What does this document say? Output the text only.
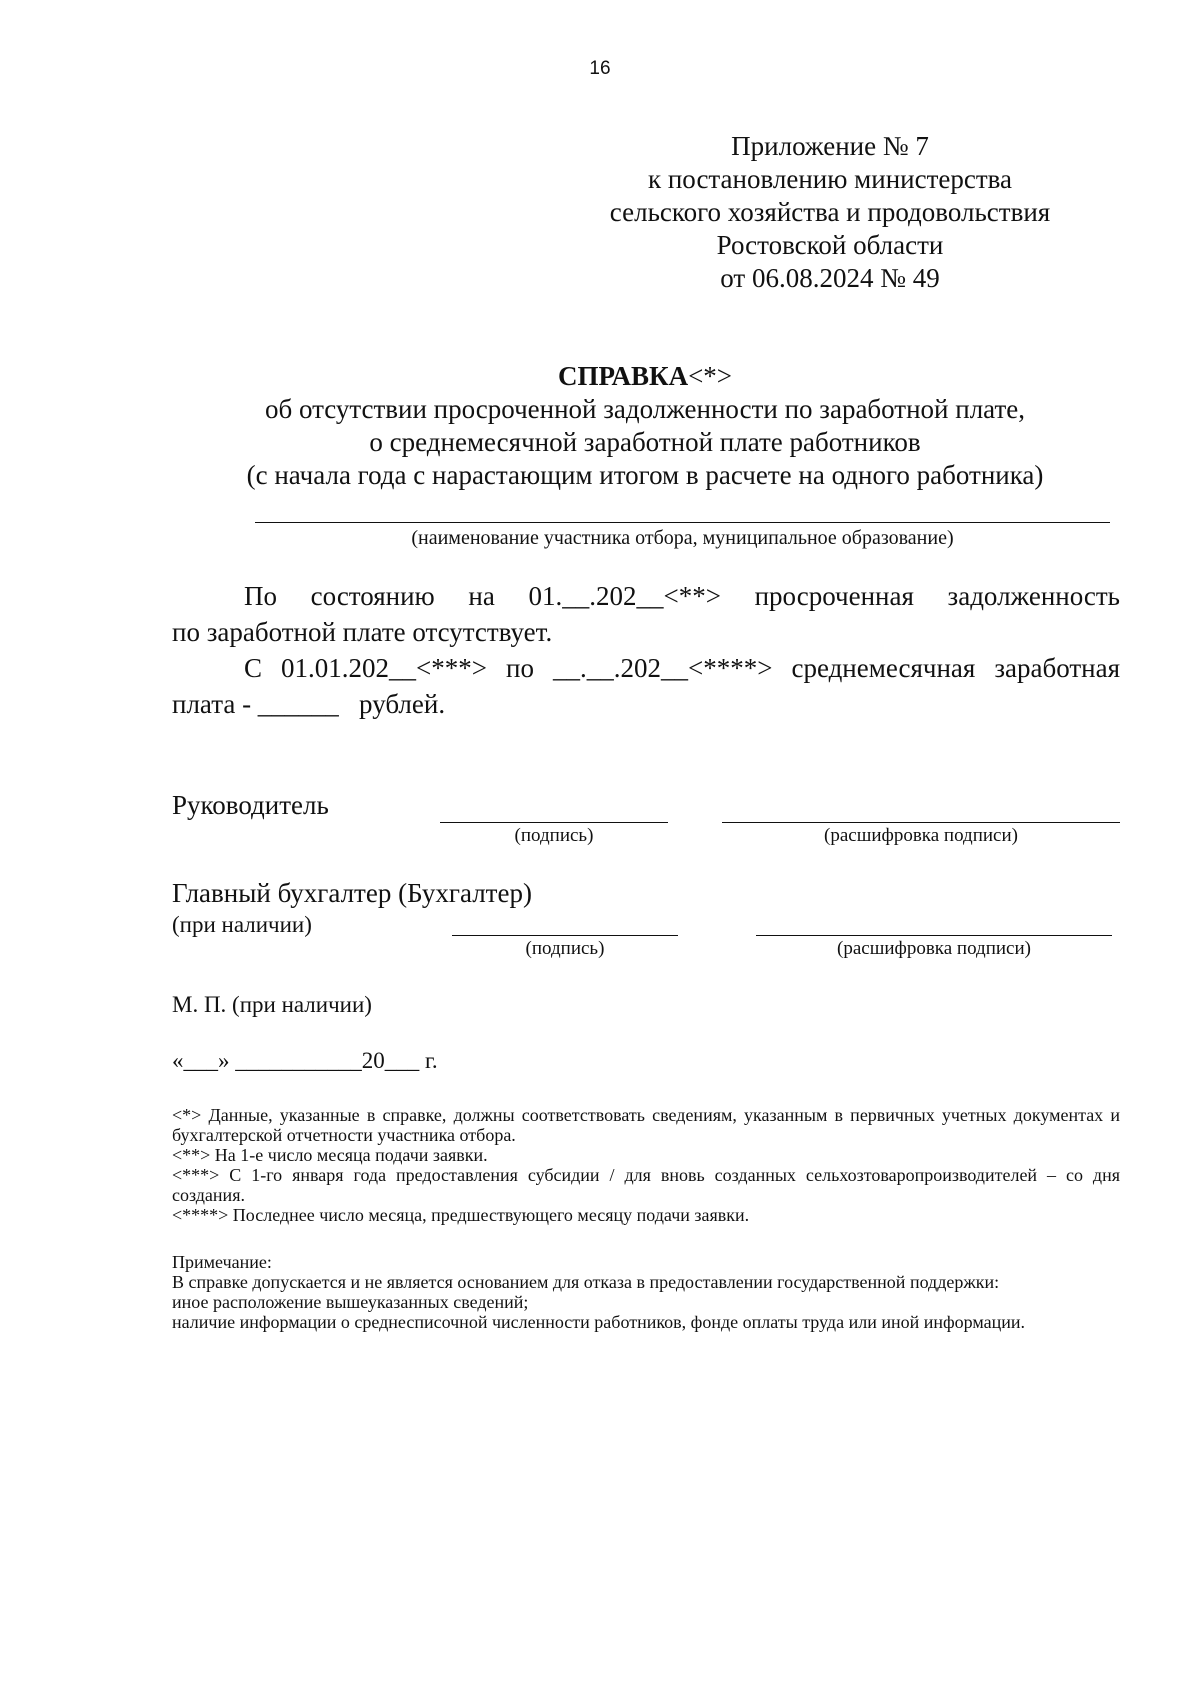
16
Приложение № 7
к постановлению министерства
сельского хозяйства и продовольствия
Ростовской области
от 06.08.2024 № 49
СПРАВКА<*>
об отсутствии просроченной задолженности по заработной плате,
о среднемесячной заработной плате работников
(с начала года с нарастающим итогом в расчете на одного работника)
(наименование участника отбора, муниципальное образование)
По состоянию на 01.__.202__<**> просроченная задолженность
по заработной плате отсутствует.
С 01.01.202__<***> по __.__.202__<****> среднемесячная заработная
плата - ______   рублей.
Руководитель
(подпись)	(расшифровка подписи)
Главный бухгалтер (Бухгалтер)
(при наличии)
(подпись)	(расшифровка подписи)
М. П. (при наличии)
«___» ___________20___ г.
<*> Данные, указанные в справке, должны соответствовать сведениям, указанным в первичных учетных документах и бухгалтерской отчетности участника отбора.
<**> На 1-е число месяца подачи заявки.
<***> С 1-го января года предоставления субсидии / для вновь созданных сельхозтоваропроизводителей – со дня создания.
<****> Последнее число месяца, предшествующего месяцу подачи заявки.
Примечание:
В справке допускается и не является основанием для отказа в предоставлении государственной поддержки:
иное расположение вышеуказанных сведений;
наличие информации о среднесписочной численности работников, фонде оплаты труда или иной информации.
